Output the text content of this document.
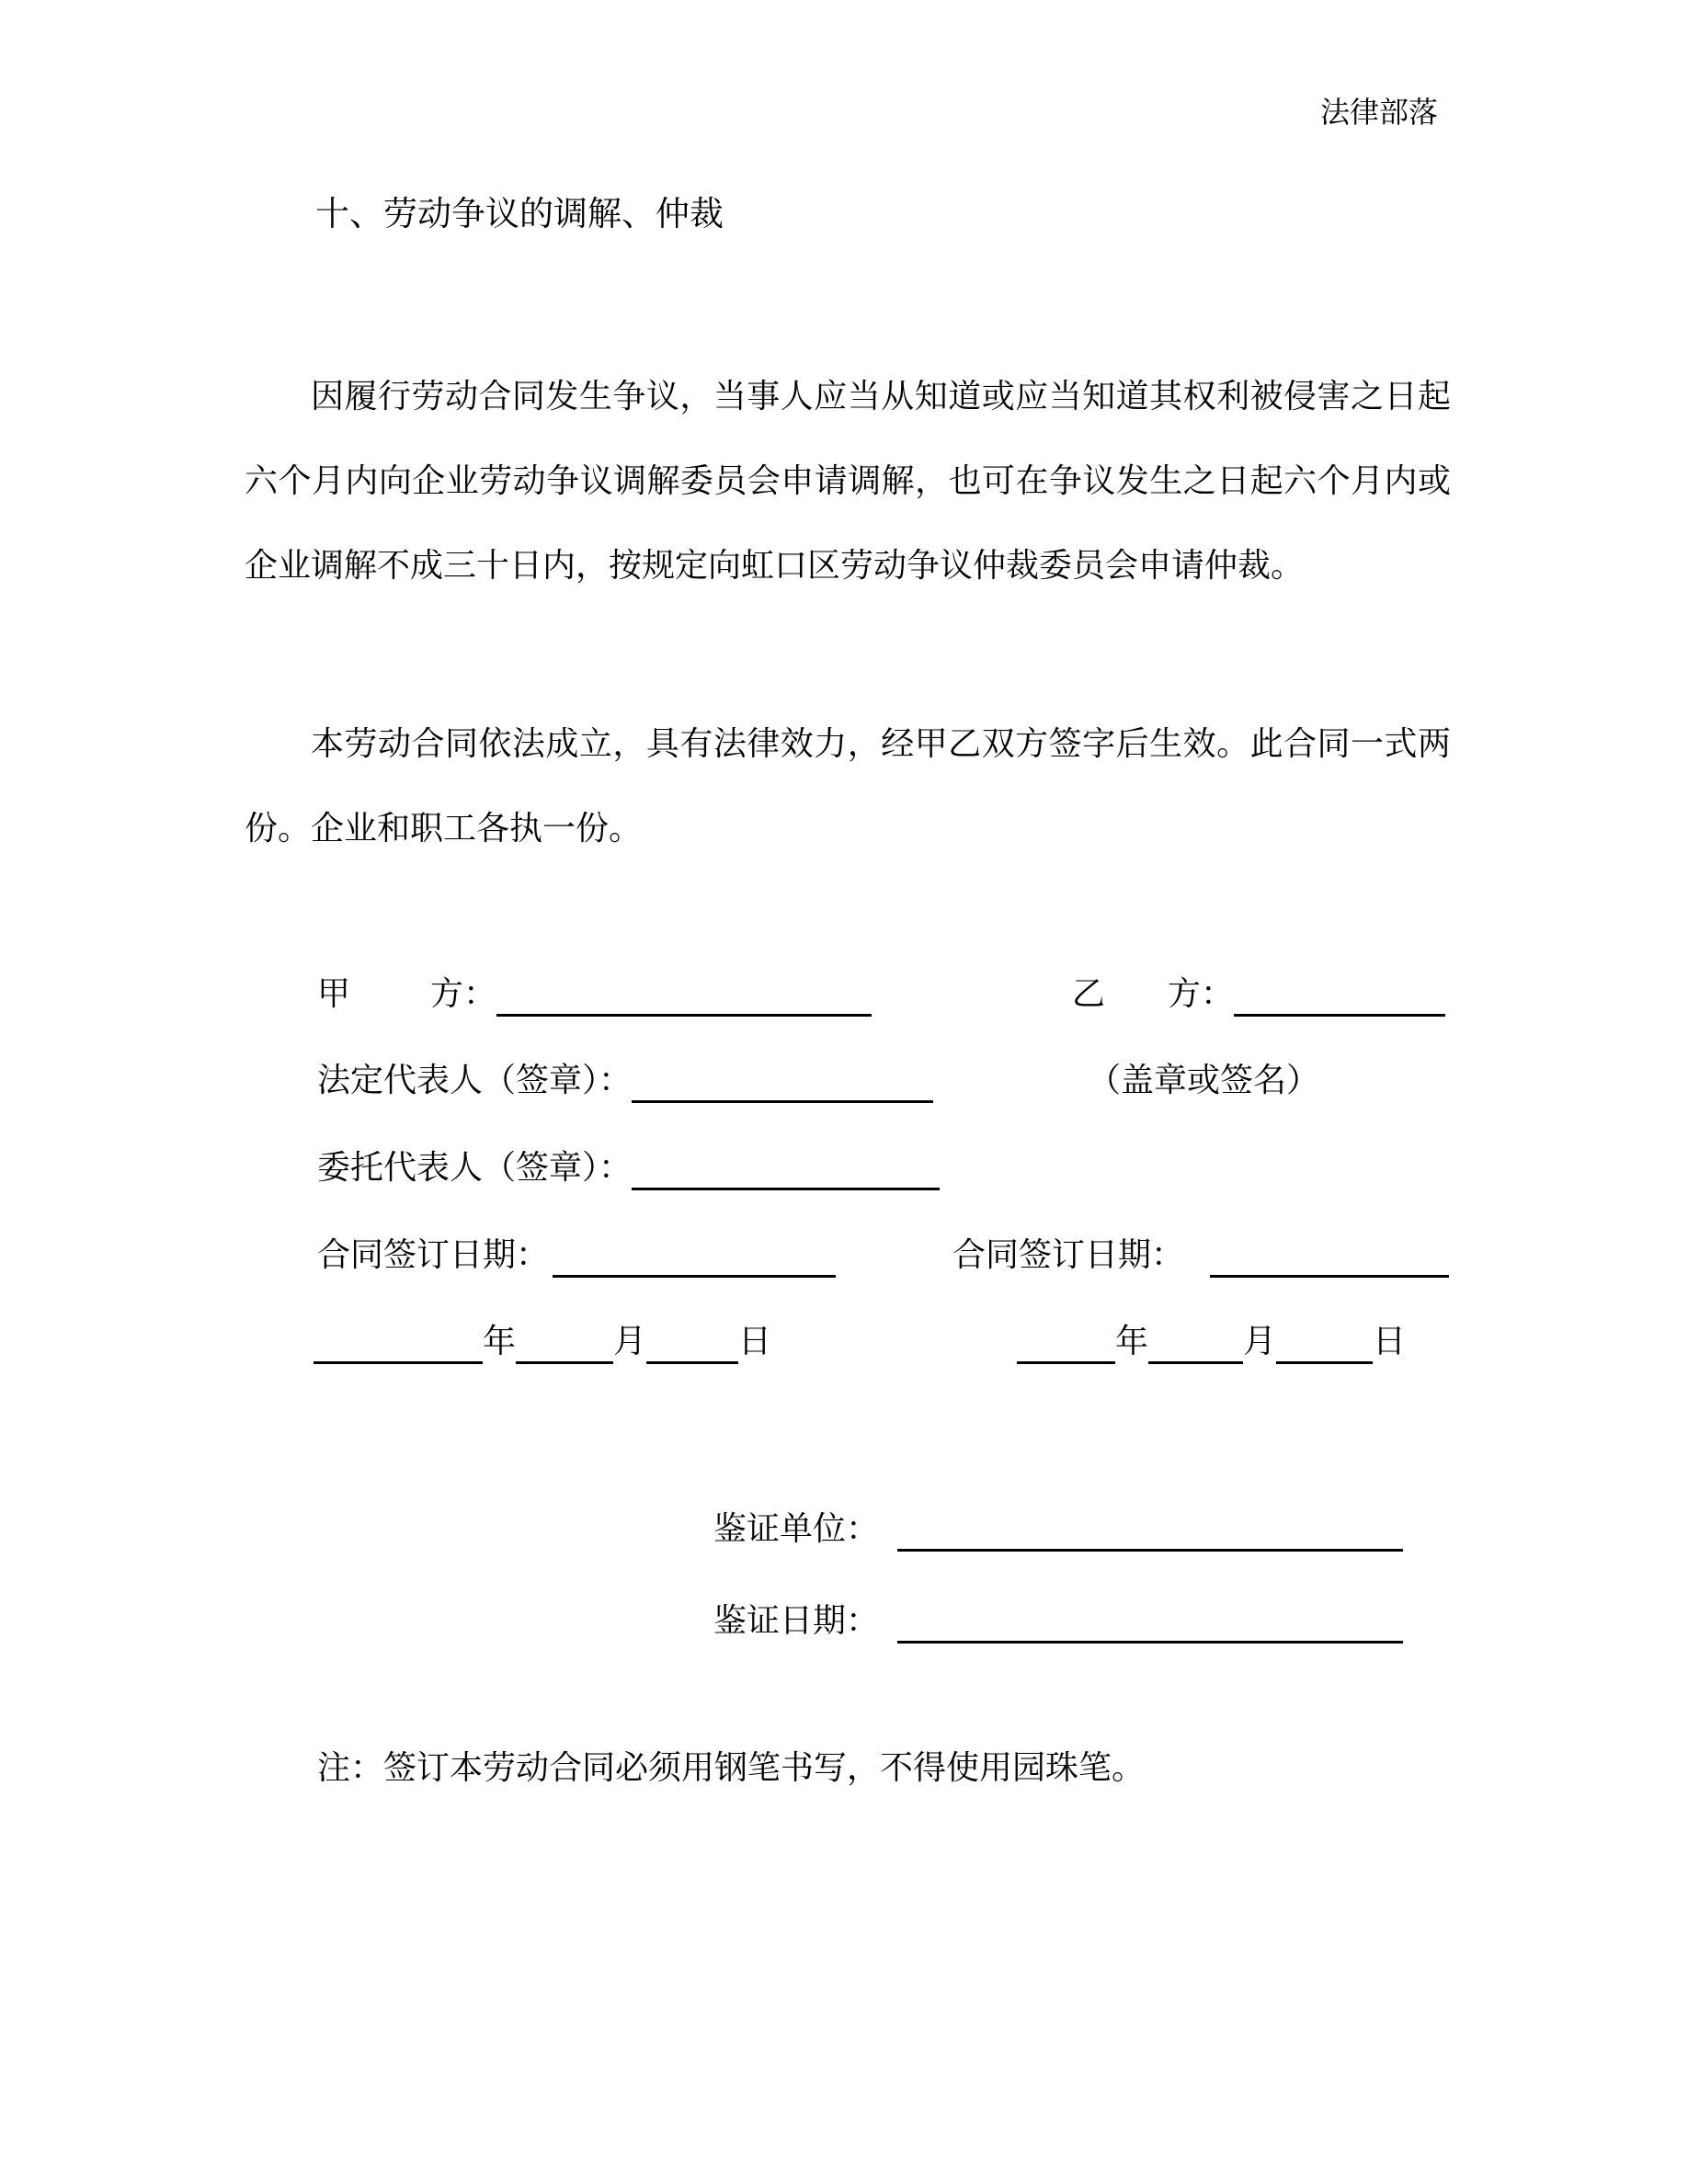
法律部落
十、劳动争议的调解、仲裁

因履行劳动合同发生争议，当事人应当从知道或应当知道其权利被侵害之日起六个月内向企业劳动争议调解委员会申请调解，也可在争议发生之日起六个月内或企业调解不成三十日内，按规定向虹口区劳动争议仲裁委员会申请仲裁。

本劳动合同依法成立，具有法律效力，经甲乙双方签字后生效。此合同一式两份。企业和职工各执一份。

甲 方：	乙 方：
法定代表人（签章）：	（盖章或签名）
委托代表人（签章）：
合同签订日期：	合同签订日期：
年	月	日	年	月	日
鉴证单位：
鉴证日期：
注：签订本劳动合同必须用钢笔书写，不得使用园珠笔。
